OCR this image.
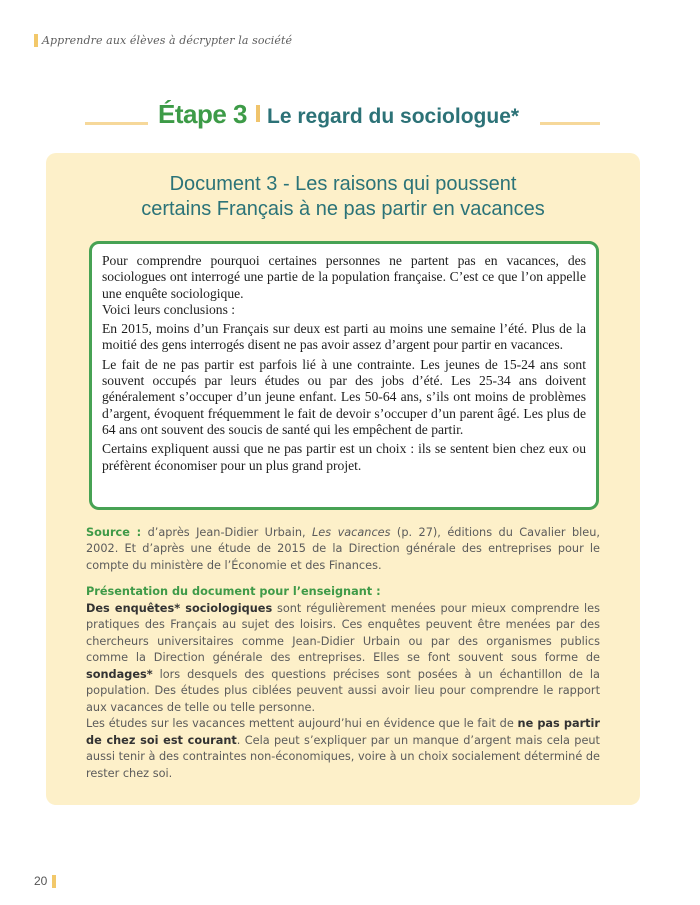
Apprendre aux élèves à décrypter la société
Étape 3 Le regard du sociologue*
Document 3 - Les raisons qui poussent
certains Français à ne pas partir en vacances

Pour comprendre pourquoi certaines personnes ne partent pas en vacances, des sociologues ont interrogé une partie de la population française. C’est ce que l’on appelle une enquête sociologique.

Voici leurs conclusions :

En 2015, moins d’un Français sur deux est parti au moins une semaine l’été. Plus de la moitié des gens interrogés disent ne pas avoir assez d’argent pour partir en vacances.

Le fait de ne pas partir est parfois lié à une contrainte. Les jeunes de 15-24 ans sont souvent occupés par leurs études ou par des jobs d’été. Les 25-34 ans doivent généralement s’occuper d’un jeune enfant. Les 50-64 ans, s’ils ont moins de problèmes d’argent, évoquent fréquemment le fait de devoir s’occuper d’un parent âgé. Les plus de 64 ans ont souvent des soucis de santé qui les empêchent de partir.

Certains expliquent aussi que ne pas partir est un choix : ils se sentent bien chez eux ou préfèrent économiser pour un plus grand projet.

Source : d’après Jean-Didier Urbain, Les vacances (p. 27), éditions du Cavalier bleu, 2002. Et d’après une étude de 2015 de la Direction générale des entreprises pour le compte du ministère de l’Économie et des Finances.

Présentation du document pour l’enseignant :

Des enquêtes* sociologiques sont régulièrement menées pour mieux comprendre les pratiques des Français au sujet des loisirs. Ces enquêtes peuvent être menées par des chercheurs universitaires comme Jean-Didier Urbain ou par des organismes publics comme la Direction générale des entreprises. Elles se font souvent sous forme de sondages* lors desquels des questions précises sont posées à un échantillon de la population. Des études plus ciblées peuvent aussi avoir lieu pour comprendre le rapport aux vacances de telle ou telle personne.

Les études sur les vacances mettent aujourd’hui en évidence que le fait de ne pas partir de chez soi est courant. Cela peut s’expliquer par un manque d’argent mais cela peut aussi tenir à des contraintes non-économiques, voire à un choix socialement déterminé de rester chez soi.

20
